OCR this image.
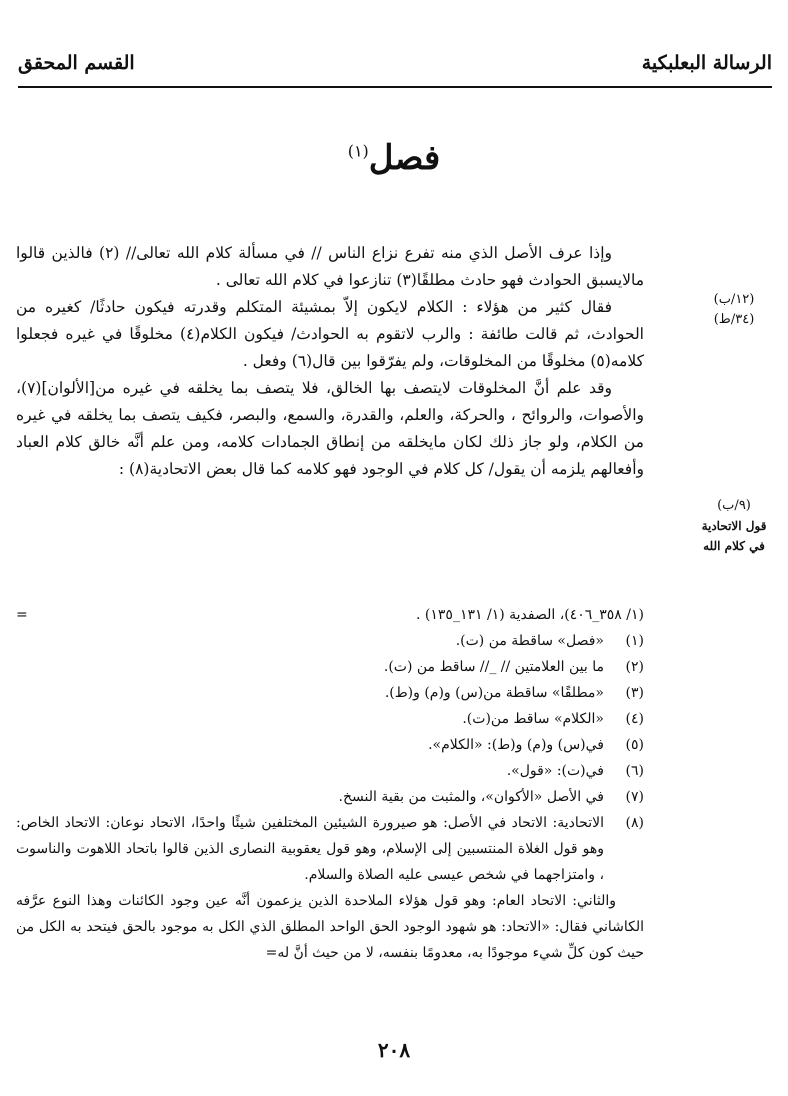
الرسالة البعلبكية
القسم المحقق
فصل$^{(١)}$

وإذا عرف الأصل الذي منه تفرع نزاع الناس // في مسألة كلام الله تعالى// (٢) فالذين قالوا مالايسبق الحوادث فهو حادث مطلقًا(٣) تنازعوا في كلام الله تعالى .

فقال كثير من هؤلاء : الكلام لايكون إلاّ بمشيئة المتكلم وقدرته فيكون حادثًا/ كغيره من الحوادث، ثم قالت طائفة : والرب لاتقوم به الحوادث/ فيكون الكلام(٤) مخلوقًا في غيره فجعلوا كلامه(٥) مخلوقًا من المخلوقات، ولم يفرّقوا بين قال(٦) وفعل .

وقد علم أنَّ المخلوقات لايتصف بها الخالق، فلا يتصف بما يخلقه في غيره من[الألوان](٧)، والأصوات، والروائح ، والحركة، والعلم، والقدرة، والسمع، والبصر، فكيف يتصف بما يخلقه في غيره من الكلام، ولو جاز ذلك لكان مايخلقه من إنطاق الجمادات كلامه، ومن علم أنَّه خالق كلام العباد وأفعالهم يلزمه أن يقول/ كل كلام في الوجود فهو كلامه كما قال بعض الاتحادية(٨) :

(١٢/ب)
(٣٤/ط)
(٩/ب)
قول الاتحادية
في كلام الله
(١/ ٣٥٨_٤٠٦)، الصفدية (١/ ١٣١_١٣٥) .
=
(١)
«فصل» ساقطة من (ت).
(٢)
ما بين العلامتين // _// ساقط من (ت).
(٣)
«مطلقًا» ساقطة من(س) و(م) و(ط).
(٤)
«الكلام» ساقط من(ت).
(٥)
في(س) و(م) و(ط): «الكلام».
(٦)
في(ت): «قول».
(٧)
في الأصل «الأكوان»، والمثبت من بقية النسخ.
(٨)
الاتحادية: الاتحاد في الأصل: هو صيرورة الشيئين المختلفين شيئًا واحدًا، الاتحاد نوعان: الاتحاد الخاص: وهو قول الغلاة المنتسبين إلى الإسلام، وهو قول يعقوبية النصارى الذين قالوا باتحاد اللاهوت والناسوت ، وامتزاجهما في شخص عيسى عليه الصلاة والسلام.
والثاني: الاتحاد العام: وهو قول هؤلاء الملاحدة الذين يزعمون أنَّه عين وجود الكائنات وهذا النوع عرَّفه الكاشاني فقال: «الاتحاد: هو شهود الوجود الحق الواحد المطلق الذي الكل به موجود بالحق فيتحد به الكل من حيث كون كلِّ شيء موجودًا به، معدومًا بنفسه، لا من حيث أنَّ له=
٢٠٨
